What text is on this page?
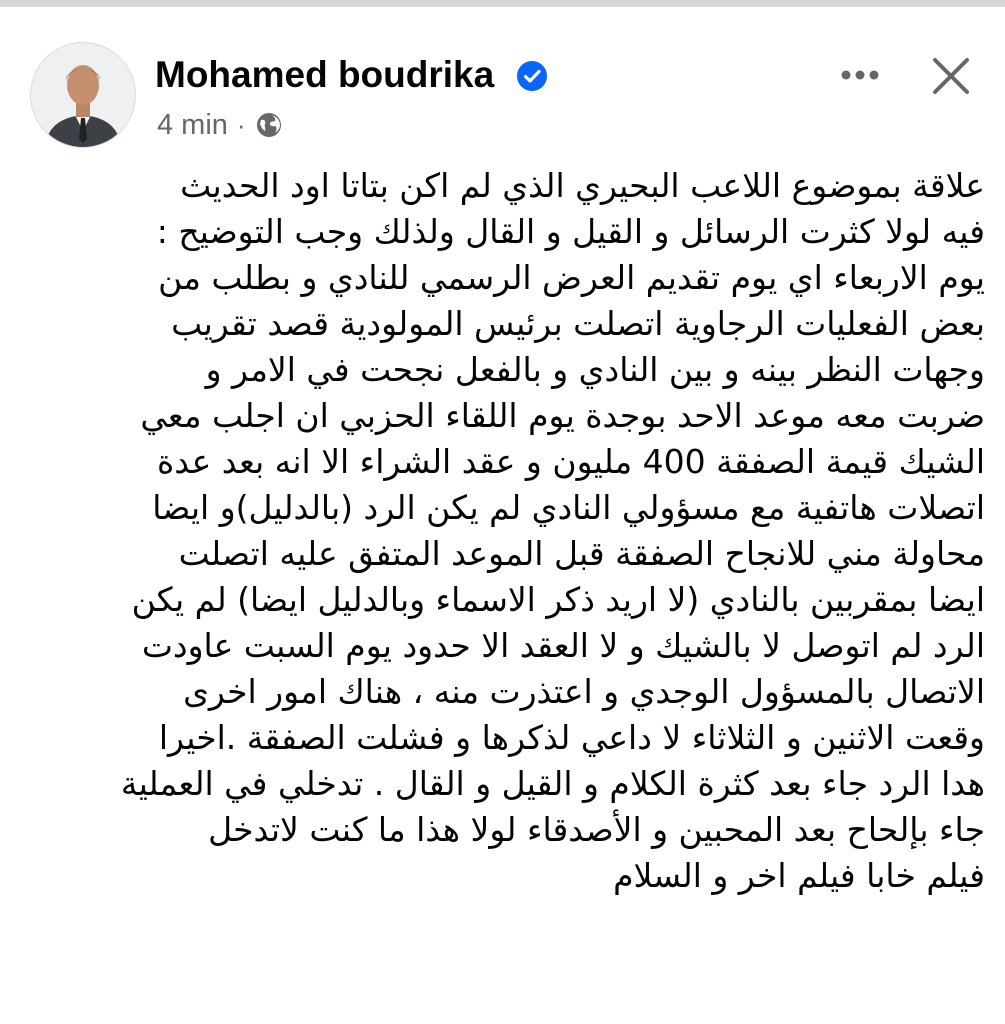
Mohamed boudrika
4 min ·
علاقة بموضوع اللاعب البحيري الذي لم اكن بتاتا اود الحديث
فيه لولا كثرت الرسائل و القيل و القال ولذلك وجب التوضيح :
يوم الاربعاء اي يوم تقديم العرض الرسمي للنادي و بطلب من
بعض الفعليات الرجاوية اتصلت برئيس المولودية قصد تقريب
وجهات النظر بينه و بين النادي و بالفعل نجحت في الامر و
ضربت معه موعد الاحد بوجدة يوم اللقاء الحزبي ان اجلب معي
الشيك قيمة الصفقة 400 مليون و عقد الشراء الا انه بعد عدة
اتصلات هاتفية مع مسؤولي النادي لم يكن الرد (بالدليل)و ايضا
محاولة مني للانجاح الصفقة قبل الموعد المتفق عليه اتصلت
ايضا بمقربين بالنادي (لا اريد ذكر الاسماء وبالدليل ايضا) لم يكن
الرد لم اتوصل لا بالشيك و لا العقد الا حدود يوم السبت عاودت
الاتصال بالمسؤول الوجدي و اعتذرت منه ، هناك امور اخرى
وقعت الاثنين و الثلاثاء لا داعي لذكرها و فشلت الصفقة .اخيرا
هدا الرد جاء بعد كثرة الكلام و القيل و القال . تدخلي في العملية
جاء بإلحاح بعد المحبين و الأصدقاء لولا هذا ما كنت لاتدخل
فيلم خابا فيلم اخر و السلام
